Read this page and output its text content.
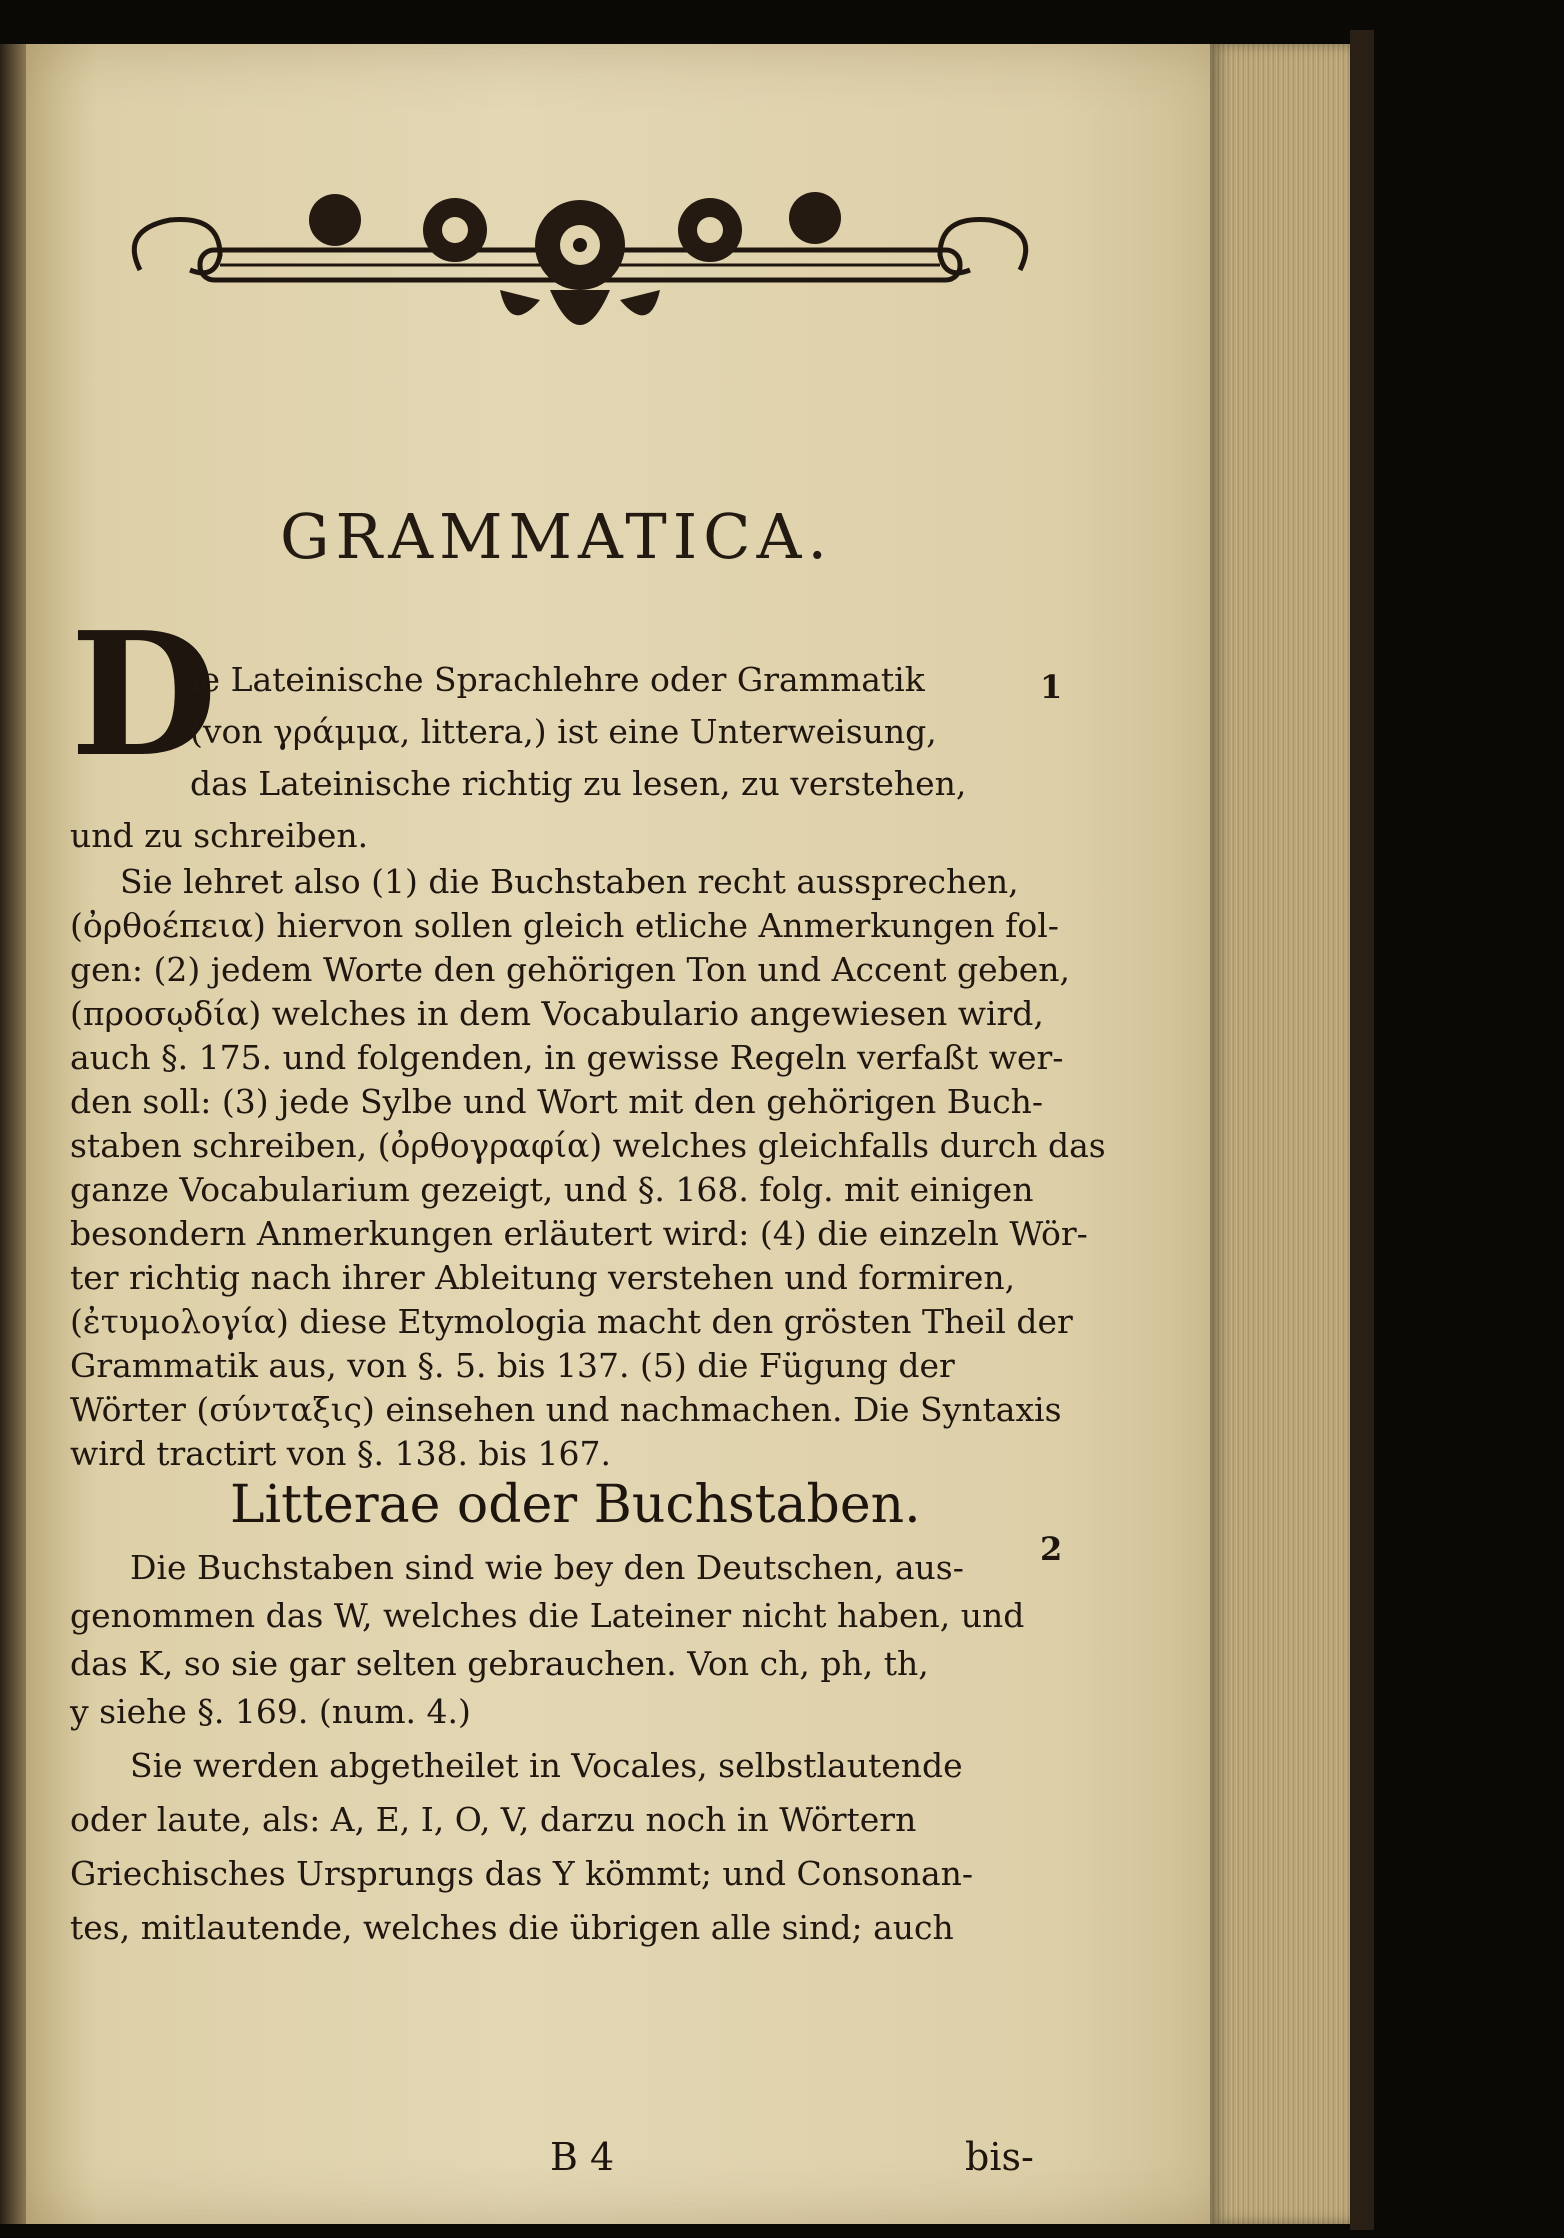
GRAMMATICA.
D	1
2
ie Lateinische Sprachlehre oder Grammatik
(von γράμμα, littera,) ist eine Unterweisung,
das Lateinische richtig zu lesen, zu verstehen,
und zu schreiben.
Sie lehret also (1) die Buchstaben recht aussprechen,
(ὀρθοέπεια) hiervon sollen gleich etliche Anmerkungen fol-
gen: (2) jedem Worte den gehörigen Ton und Accent geben,
(προσῳδία) welches in dem Vocabulario angewiesen wird,
auch §. 175. und folgenden, in gewisse Regeln verfaßt wer-
den soll: (3) jede Sylbe und Wort mit den gehörigen Buch-
staben schreiben, (ὀρθογραφία) welches gleichfalls durch das
ganze Vocabularium gezeigt, und §. 168. folg. mit einigen
besondern Anmerkungen erläutert wird: (4) die einzeln Wör-
ter richtig nach ihrer Ableitung verstehen und formiren,
(ἐτυμολογία) diese Etymologia macht den grösten Theil der
Grammatik aus, von §. 5. bis 137. (5) die Fügung der
Wörter (σύνταξις) einsehen und nachmachen. Die Syntaxis
wird tractirt von §. 138. bis 167.
Litterae oder Buchstaben.
Die Buchstaben sind wie bey den Deutschen, aus-
genommen das W, welches die Lateiner nicht haben, und
das K, so sie gar selten gebrauchen. Von ch, ph, th,
y siehe §. 169. (num. 4.)
Sie werden abgetheilet in Vocales, selbstlautende
oder laute, als: A, E, I, O, V, darzu noch in Wörtern
Griechisches Ursprungs das Y kömmt; und Consonan-
tes, mitlautende, welches die übrigen alle sind; auch
B 4	bis-
